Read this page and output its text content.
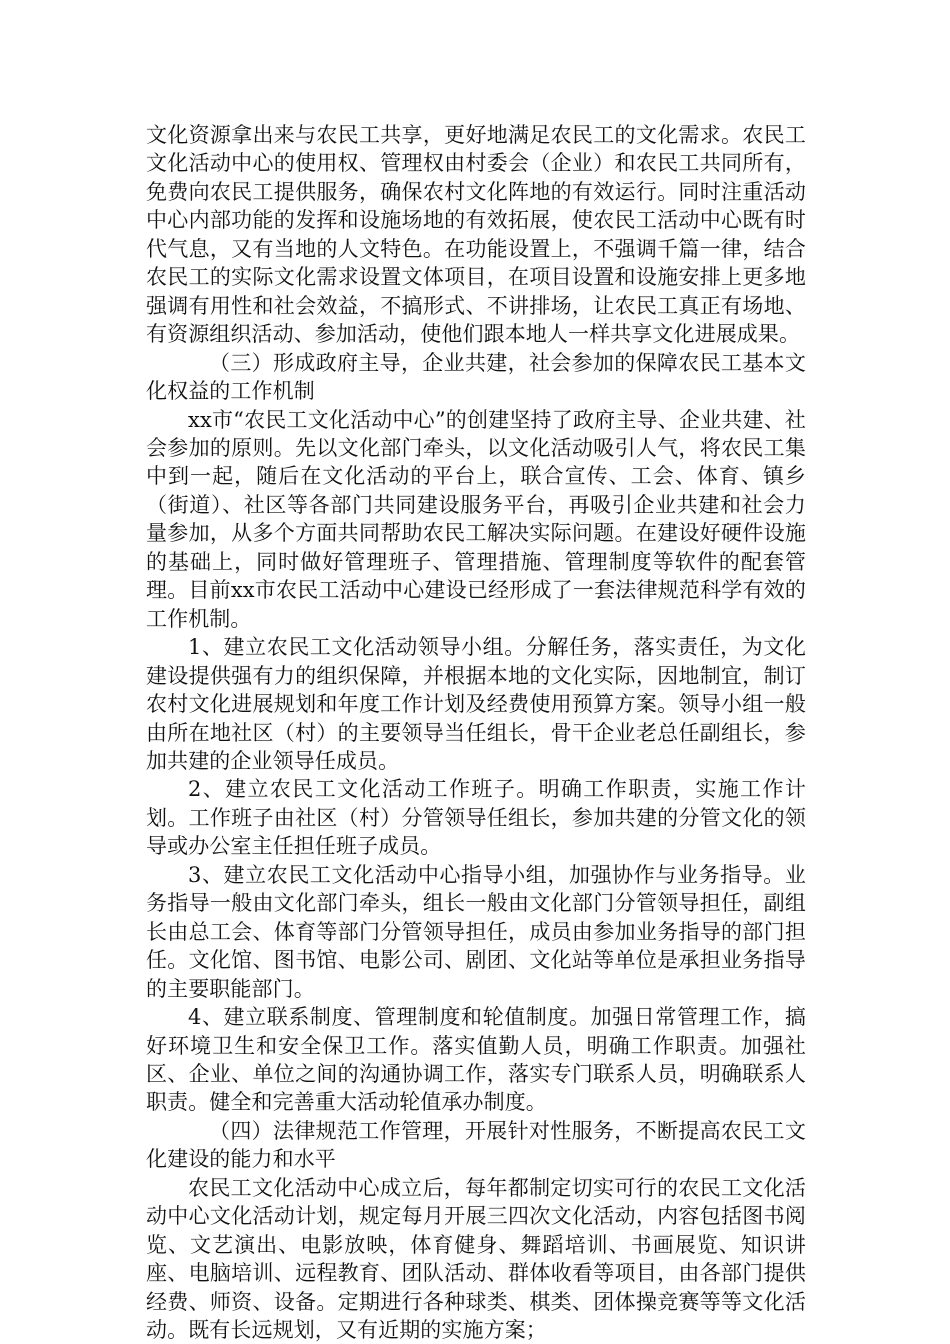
文化资源拿出来与农民工共享，更好地满足农民工的文化需求。农民工文化活动中心的使用权、管理权由村委会（企业）和农民工共同所有，免费向农民工提供服务，确保农村文化阵地的有效运行。同时注重活动中心内部功能的发挥和设施场地的有效拓展，使农民工活动中心既有时代气息，又有当地的人文特色。在功能设置上，不强调千篇一律，结合农民工的实际文化需求设置文体项目，在项目设置和设施安排上更多地强调有用性和社会效益，不搞形式、不讲排场，让农民工真正有场地、有资源组织活动、参加活动，使他们跟本地人一样共享文化进展成果。

（三）形成政府主导，企业共建，社会参加的保障农民工基本文化权益的工作机制

xx市“农民工文化活动中心”的创建坚持了政府主导、企业共建、社会参加的原则。先以文化部门牵头，以文化活动吸引人气，将农民工集中到一起，随后在文化活动的平台上，联合宣传、工会、体育、镇乡（街道）、社区等各部门共同建设服务平台，再吸引企业共建和社会力量参加，从多个方面共同帮助农民工解决实际问题。在建设好硬件设施的基础上，同时做好管理班子、管理措施、管理制度等软件的配套管理。目前xx市农民工活动中心建设已经形成了一套法律规范科学有效的工作机制。

1、建立农民工文化活动领导小组。分解任务，落实责任，为文化建设提供强有力的组织保障，并根据本地的文化实际，因地制宜，制订农村文化进展规划和年度工作计划及经费使用预算方案。领导小组一般由所在地社区（村）的主要领导当任组长，骨干企业老总任副组长，参加共建的企业领导任成员。

2、建立农民工文化活动工作班子。明确工作职责，实施工作计划。工作班子由社区（村）分管领导任组长，参加共建的分管文化的领导或办公室主任担任班子成员。

3、建立农民工文化活动中心指导小组，加强协作与业务指导。业务指导一般由文化部门牵头，组长一般由文化部门分管领导担任，副组长由总工会、体育等部门分管领导担任，成员由参加业务指导的部门担任。文化馆、图书馆、电影公司、剧团、文化站等单位是承担业务指导的主要职能部门。

4、建立联系制度、管理制度和轮值制度。加强日常管理工作，搞好环境卫生和安全保卫工作。落实值勤人员，明确工作职责。加强社区、企业、单位之间的沟通协调工作，落实专门联系人员，明确联系人职责。健全和完善重大活动轮值承办制度。

（四）法律规范工作管理，开展针对性服务，不断提高农民工文化建设的能力和水平

农民工文化活动中心成立后，每年都制定切实可行的农民工文化活动中心文化活动计划，规定每月开展三四次文化活动，内容包括图书阅览、文艺演出、电影放映，体育健身、舞蹈培训、书画展览、知识讲座、电脑培训、远程教育、团队活动、群体收看等项目，由各部门提供经费、师资、设备。定期进行各种球类、棋类、团体操竞赛等等文化活动。既有长远规划，又有近期的实施方案；
